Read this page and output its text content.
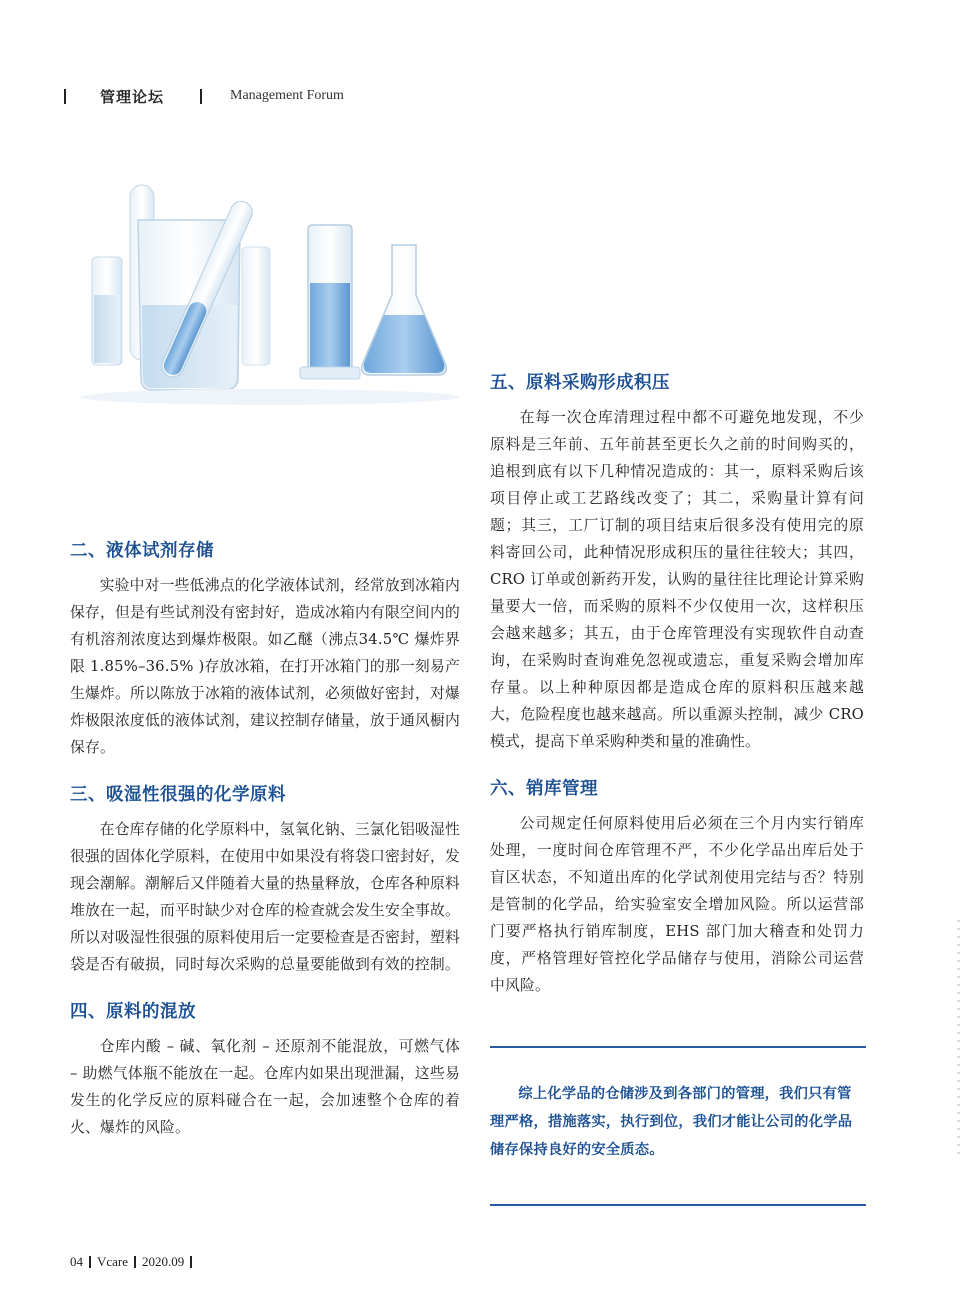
管理论坛	Management Forum
二、液体试剂存储

实验中对一些低沸点的化学液体试剂，经常放到冰箱内保存，但是有些试剂没有密封好，造成冰箱内有限空间内的有机溶剂浓度达到爆炸极限。如乙醚（沸点34.5℃ 爆炸界限 1.85%–36.5% )存放冰箱，在打开冰箱门的那一刻易产生爆炸。所以陈放于冰箱的液体试剂，必须做好密封，对爆炸极限浓度低的液体试剂，建议控制存储量，放于通风橱内保存。

三、吸湿性很强的化学原料

在仓库存储的化学原料中，氢氧化钠、三氯化铝吸湿性很强的固体化学原料，在使用中如果没有将袋口密封好，发现会潮解。潮解后又伴随着大量的热量释放，仓库各种原料堆放在一起，而平时缺少对仓库的检查就会发生安全事故。所以对吸湿性很强的原料使用后一定要检查是否密封，塑料袋是否有破损，同时每次采购的总量要能做到有效的控制。

四、原料的混放

仓库内酸 – 碱、氧化剂 – 还原剂不能混放，可燃气体 – 助燃气体瓶不能放在一起。仓库内如果出现泄漏，这些易发生的化学反应的原料碰合在一起，会加速整个仓库的着火、爆炸的风险。

五、原料采购形成积压

在每一次仓库清理过程中都不可避免地发现，不少原料是三年前、五年前甚至更长久之前的时间购买的，追根到底有以下几种情况造成的：其一，原料采购后该项目停止或工艺路线改变了；其二，采购量计算有问题；其三，工厂订制的项目结束后很多没有使用完的原料寄回公司，此种情况形成积压的量往往较大；其四，CRO 订单或创新药开发，认购的量往往比理论计算采购量要大一倍，而采购的原料不少仅使用一次，这样积压会越来越多；其五，由于仓库管理没有实现软件自动查询，在采购时查询难免忽视或遗忘，重复采购会增加库存量。以上种种原因都是造成仓库的原料积压越来越大，危险程度也越来越高。所以重源头控制，减少 CRO 模式，提高下单采购种类和量的准确性。

六、销库管理

公司规定任何原料使用后必须在三个月内实行销库处理，一度时间仓库管理不严，不少化学品出库后处于盲区状态，不知道出库的化学试剂使用完结与否？特别是管制的化学品，给实验室安全增加风险。所以运营部门要严格执行销库制度，EHS 部门加大稽查和处罚力度，严格管理好管控化学品储存与使用，消除公司运营中风险。

综上化学品的仓储涉及到各部门的管理，我们只有管理严格，措施落实，执行到位，我们才能让公司的化学品储存保持良好的安全质态。

04 Vcare 2020.09
